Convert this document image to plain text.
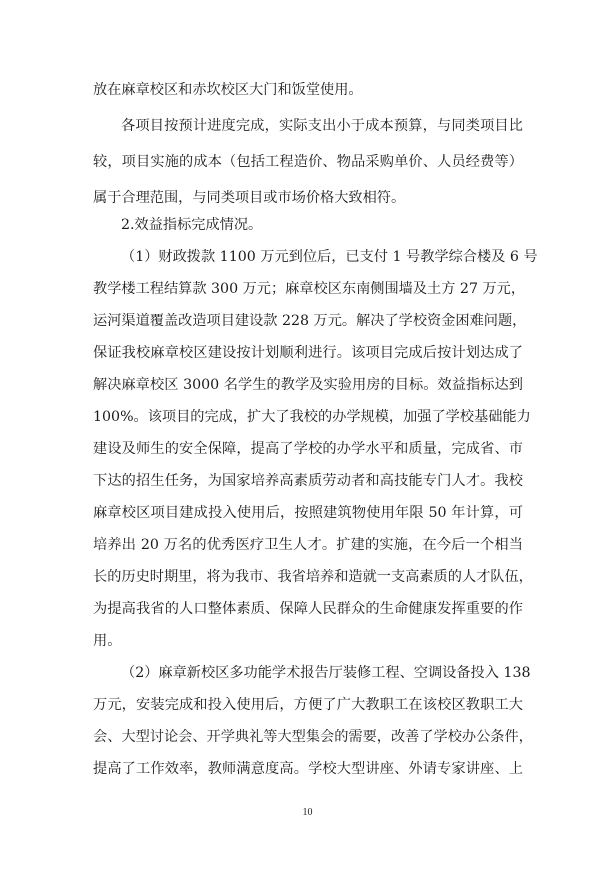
放在麻章校区和赤坎校区大门和饭堂使用。
各项目按预计进度完成，实际支出小于成本预算，与同类项目比
较，项目实施的成本（包括工程造价、物品采购单价、人员经费等）
属于合理范围，与同类项目或市场价格大致相符。
2.效益指标完成情况。
（1）财政拨款 1100 万元到位后，已支付 1 号教学综合楼及 6 号
教学楼工程结算款 300 万元；麻章校区东南侧围墙及土方 27 万元，
运河渠道覆盖改造项目建设款 228 万元。解决了学校资金困难问题，
保证我校麻章校区建设按计划顺利进行。该项目完成后按计划达成了
解决麻章校区 3000 名学生的教学及实验用房的目标。效益指标达到
100%。该项目的完成，扩大了我校的办学规模，加强了学校基础能力
建设及师生的安全保障，提高了学校的办学水平和质量，完成省、市
下达的招生任务，为国家培养高素质劳动者和高技能专门人才。我校
麻章校区项目建成投入使用后，按照建筑物使用年限 50 年计算，可
培养出 20 万名的优秀医疗卫生人才。扩建的实施，在今后一个相当
长的历史时期里，将为我市、我省培养和造就一支高素质的人才队伍，
为提高我省的人口整体素质、保障人民群众的生命健康发挥重要的作
用。
（2）麻章新校区多功能学术报告厅装修工程、空调设备投入 138
万元，安装完成和投入使用后，方便了广大教职工在该校区教职工大
会、大型讨论会、开学典礼等大型集会的需要，改善了学校办公条件，
提高了工作效率，教师满意度高。学校大型讲座、外请专家讲座、上
10
